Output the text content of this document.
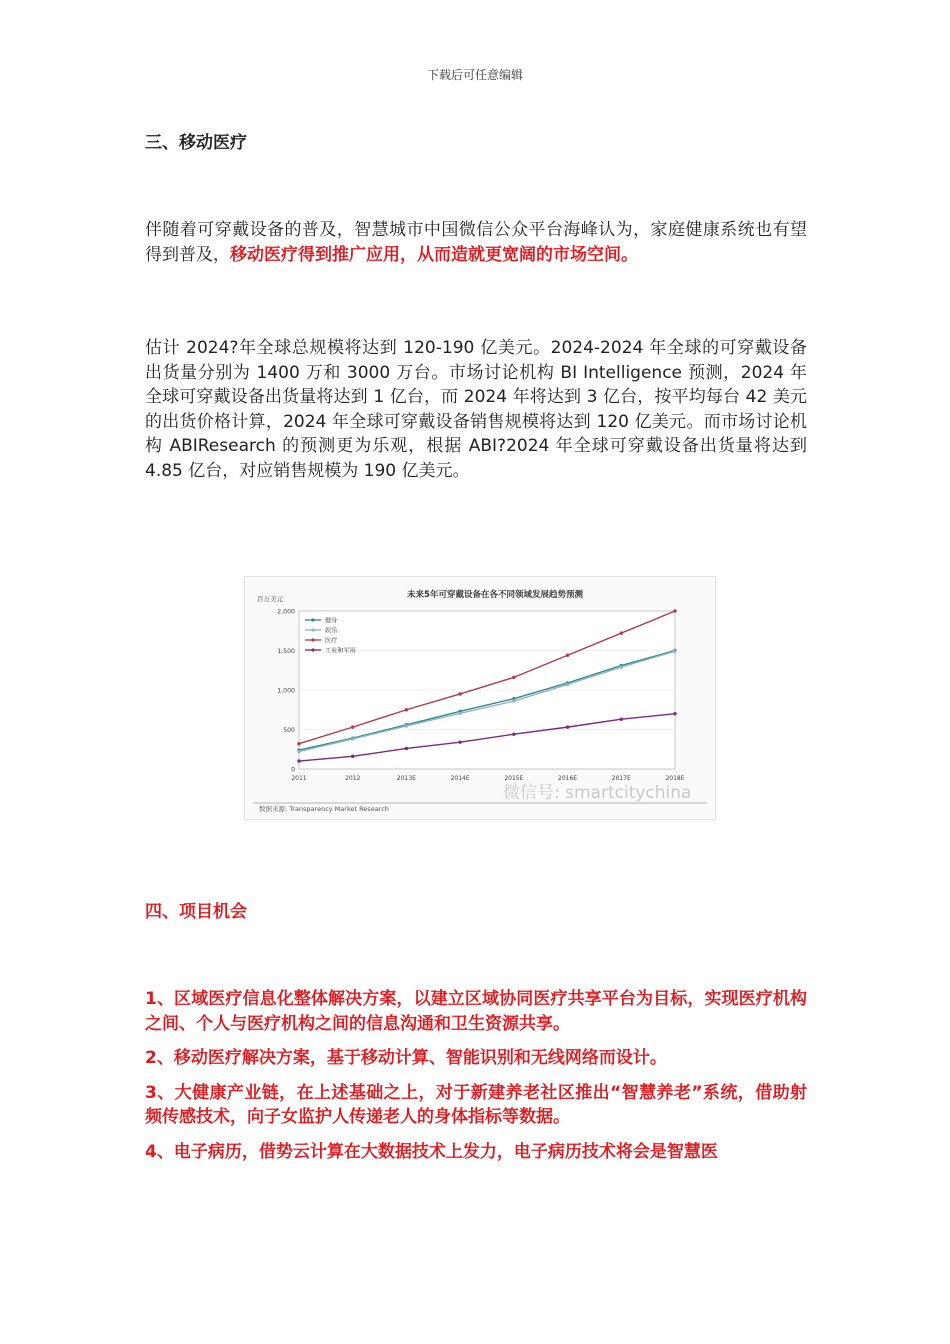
下载后可任意编辑
三、移动医疗
伴随着可穿戴设备的普及，智慧城市中国微信公众平台海峰认为，家庭健康系统也有望得到普及，移动医疗得到推广应用，从而造就更宽阔的市场空间。
估计 2024?年全球总规模将达到 120-190 亿美元。2024-2024 年全球的可穿戴设备出货量分别为 1400 万和 3000 万台。市场讨论机构 BI Intelligence 预测，2024 年全球可穿戴设备出货量将达到 1 亿台，而 2024 年将达到 3 亿台，按平均每台 42 美元的出货价格计算，2024 年全球可穿戴设备销售规模将达到 120 亿美元。而市场讨论机构 ABIResearch 的预测更为乐观，根据 ABI?2024 年全球可穿戴设备出货量将达到 4.85 亿台，对应销售规模为 190 亿美元。
未来5年可穿戴设备在各不同领域发展趋势预测
百万美元
0
500
1,000
1,500
2,000
2011	2012	2013E	2014E	2015E	2016E	2017E	2018E
健身
娱乐
医疗
工业和军用
微信号: smartcitychina
数据来源: Transparency Market Research
四、项目机会

1、区域医疗信息化整体解决方案，以建立区域协同医疗共享平台为目标，实现医疗机构之间、个人与医疗机构之间的信息沟通和卫生资源共享。

2、移动医疗解决方案，基于移动计算、智能识别和无线网络而设计。

3、大健康产业链，在上述基础之上，对于新建养老社区推出“智慧养老”系统，借助射频传感技术，向子女监护人传递老人的身体指标等数据。

4、电子病历，借势云计算在大数据技术上发力，电子病历技术将会是智慧医
